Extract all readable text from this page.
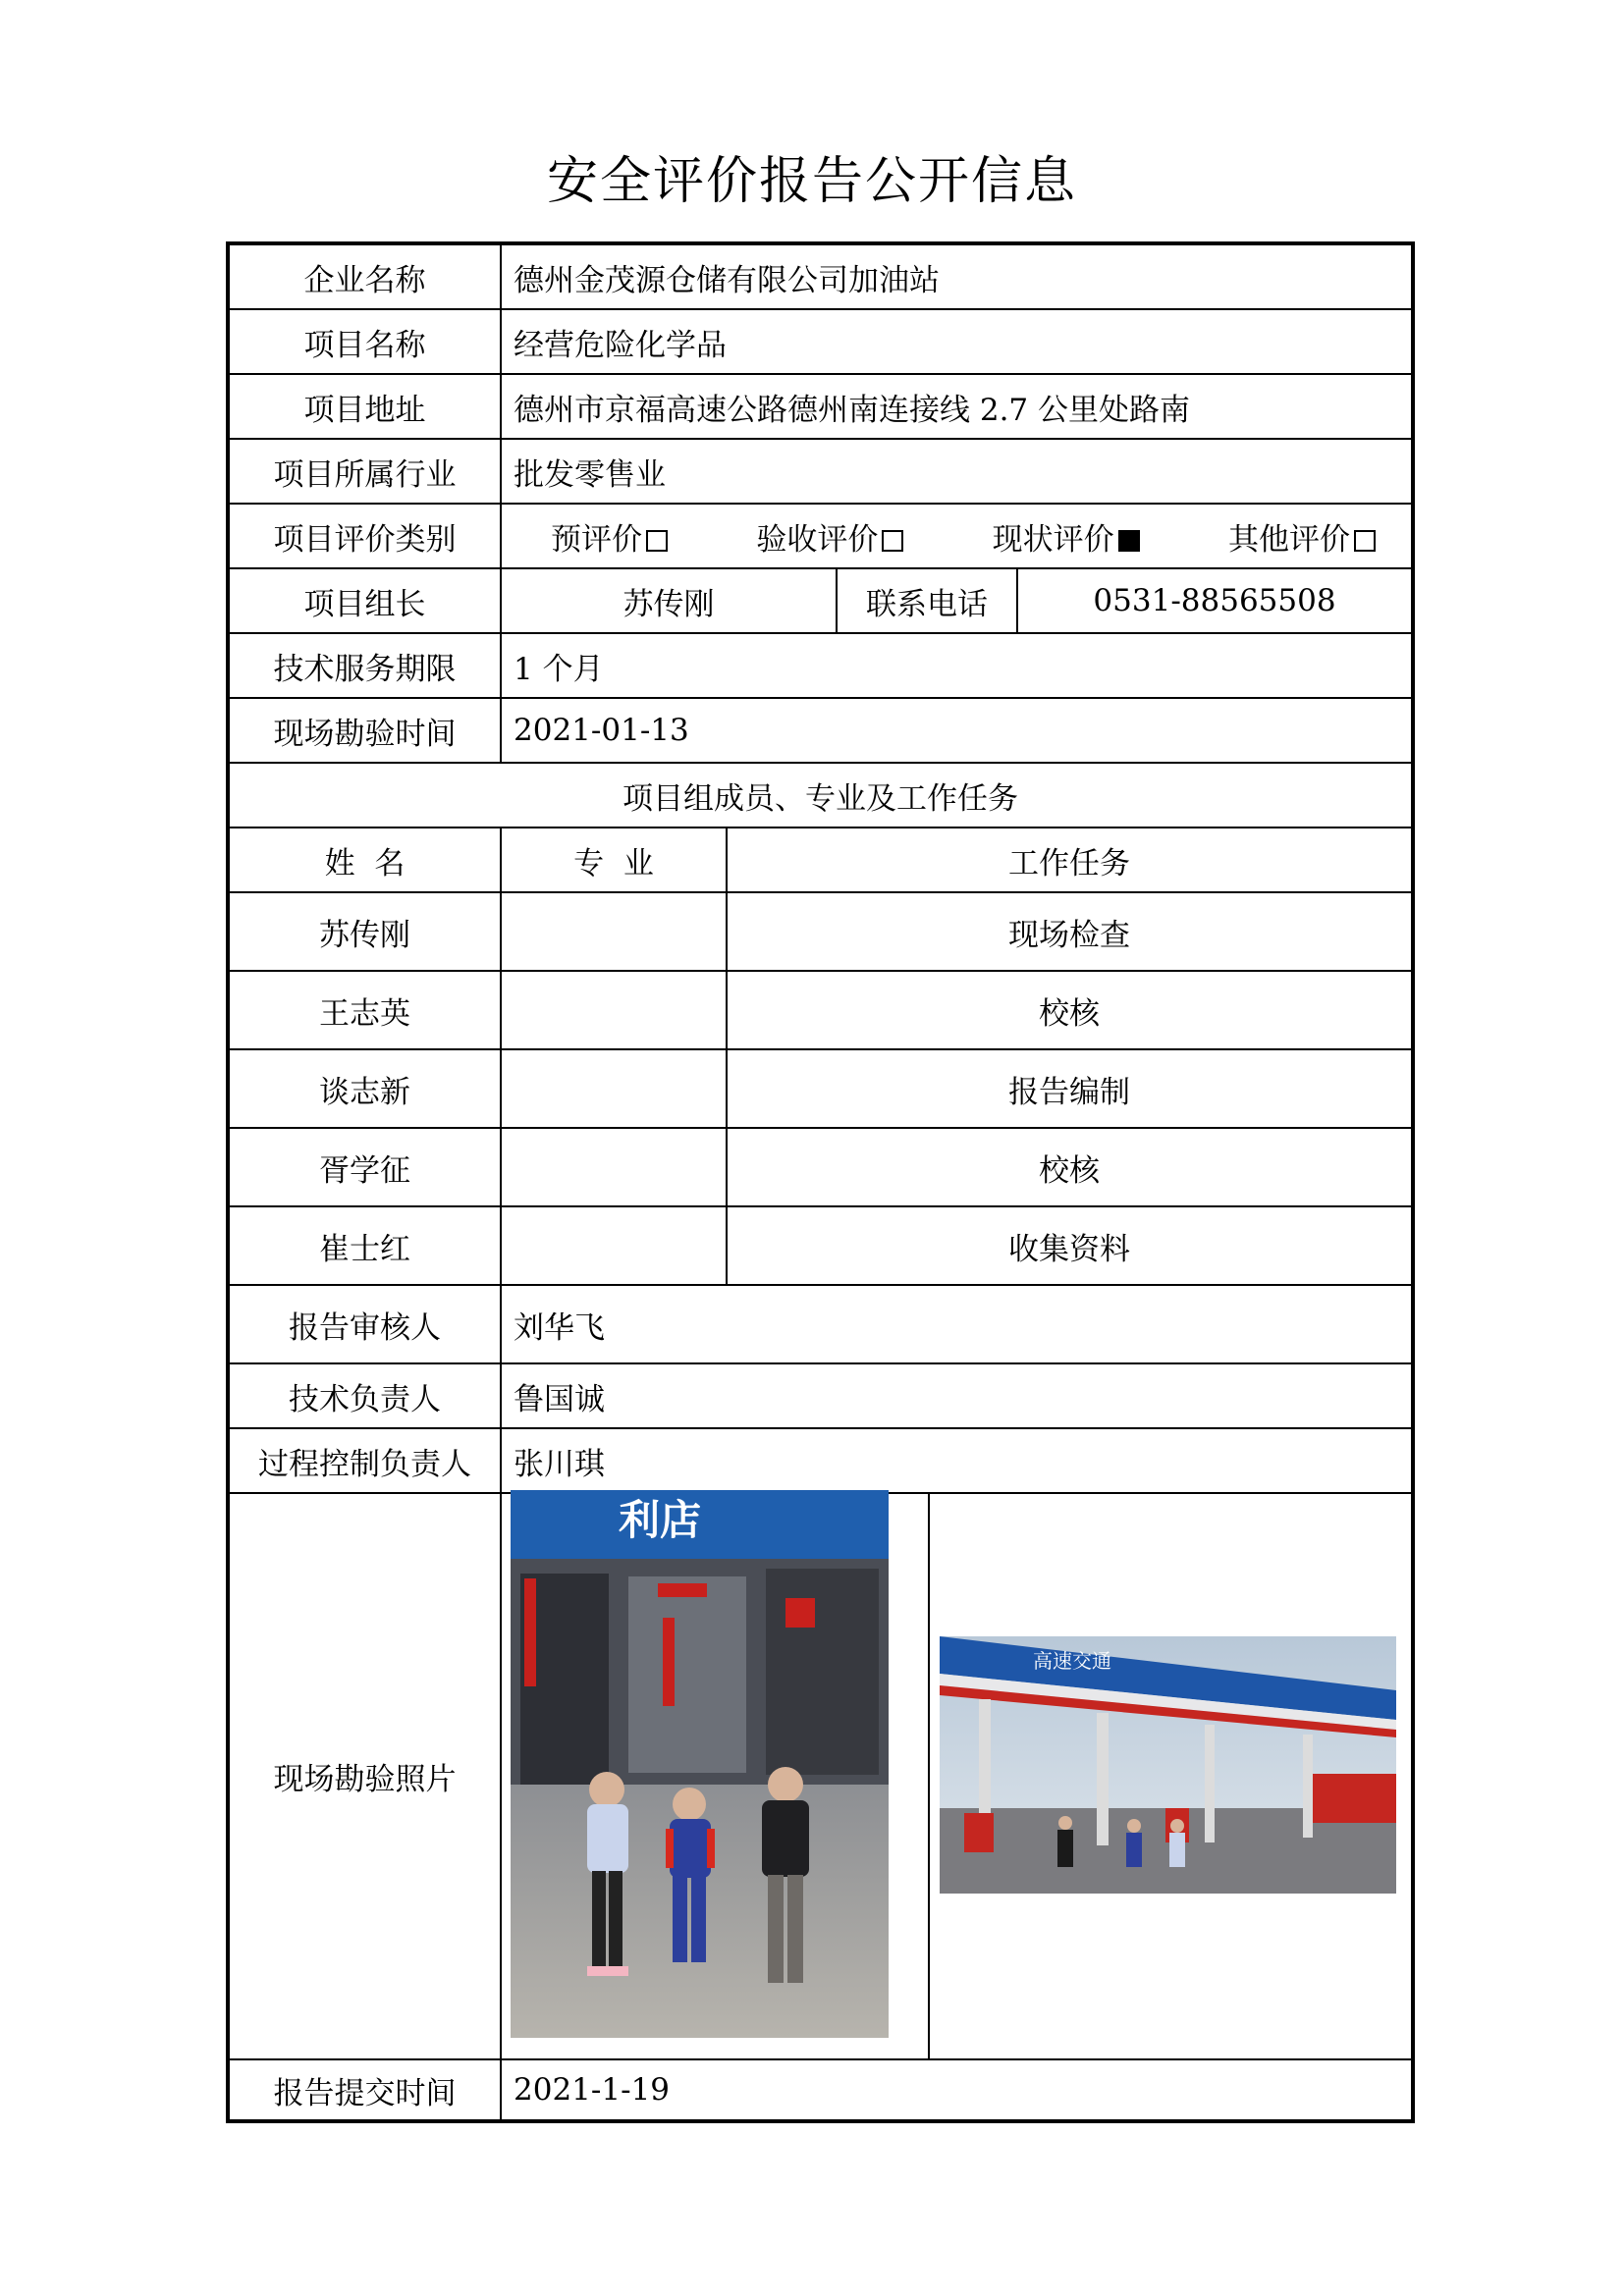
安全评价报告公开信息
企业名称	德州金茂源仓储有限公司加油站				
项目名称	经营危险化学品				
项目地址	德州市京福高速公路德州南连接线 2.7 公里处路南				
项目所属行业	批发零售业				
项目评价类别	预评价 验收评价 现状评价 其他评价				

项目组长	苏传刚		联系电话		0531-88565508
技术服务期限	1 个月				
现场勘验时间	2021-01-13				
项目组成员、专业及工作任务					
姓  名	专  业	工作任务			
苏传刚		现场检查			
王志英		校核			
谈志新		报告编制			
胥学征		校核			
崔士红		收集资料			
报告审核人	刘华飞				
技术负责人	鲁国诚				
过程控制负责人	张川琪				
现场勘验照片					
报告提交时间	2021-1-19				
利店
高速交通
